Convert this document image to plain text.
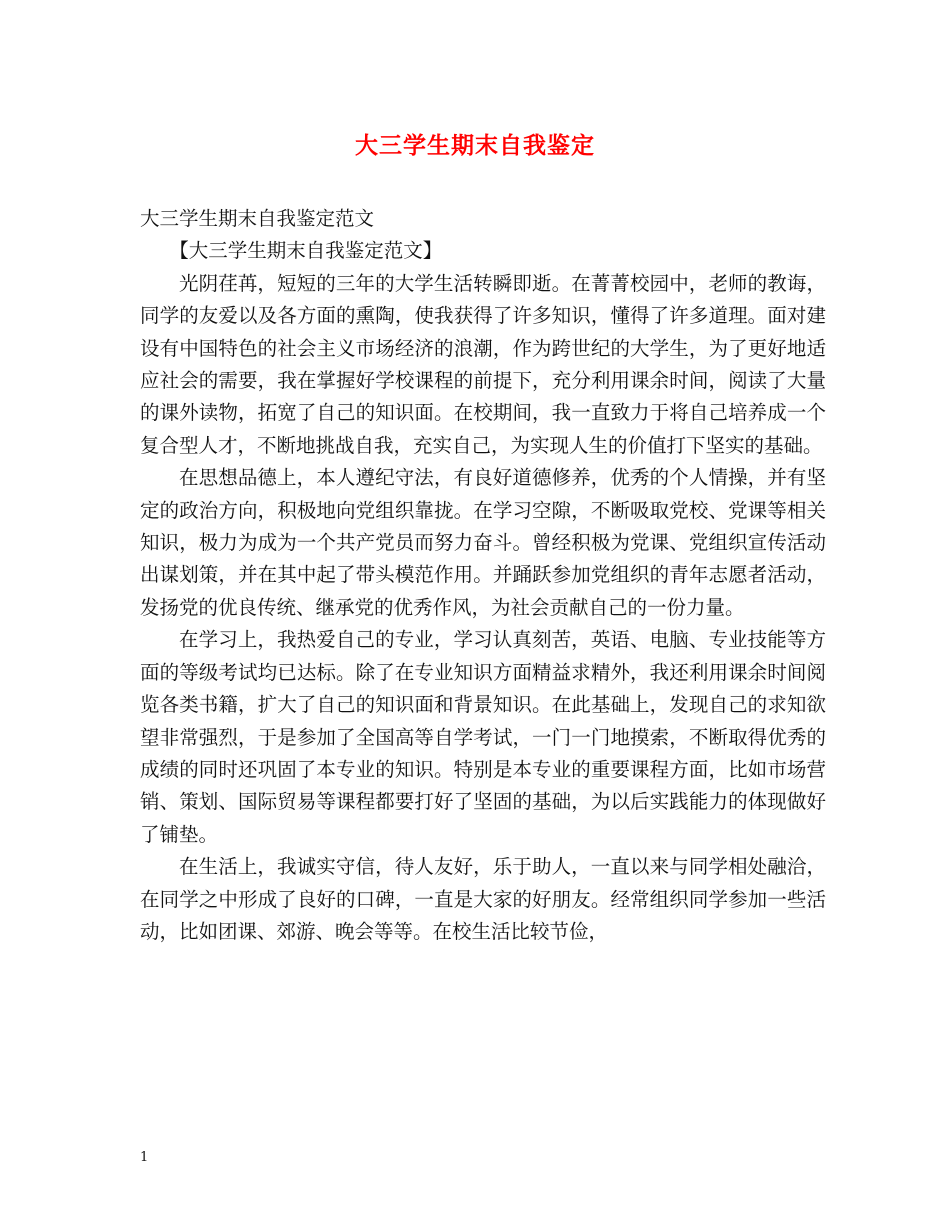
大三学生期末自我鉴定

大三学生期末自我鉴定范文

【大三学生期末自我鉴定范文】

光阴荏苒，短短的三年的大学生活转瞬即逝。在菁菁校园中，老师的教诲，同学的友爱以及各方面的熏陶，使我获得了许多知识，懂得了许多道理。面对建设有中国特色的社会主义市场经济的浪潮，作为跨世纪的大学生，为了更好地适应社会的需要，我在掌握好学校课程的前提下，充分利用课余时间，阅读了大量的课外读物，拓宽了自己的知识面。在校期间，我一直致力于将自己培养成一个复合型人才，不断地挑战自我，充实自己，为实现人生的价值打下坚实的基础。

在思想品德上，本人遵纪守法，有良好道德修养，优秀的个人情操，并有坚定的政治方向，积极地向党组织靠拢。在学习空隙，不断吸取党校、党课等相关知识，极力为成为一个共产党员而努力奋斗。曾经积极为党课、党组织宣传活动出谋划策，并在其中起了带头模范作用。并踊跃参加党组织的青年志愿者活动，发扬党的优良传统、继承党的优秀作风，为社会贡献自己的一份力量。

在学习上，我热爱自己的专业，学习认真刻苦，英语、电脑、专业技能等方面的等级考试均已达标。除了在专业知识方面精益求精外，我还利用课余时间阅览各类书籍，扩大了自己的知识面和背景知识。在此基础上，发现自己的求知欲望非常强烈，于是参加了全国高等自学考试，一门一门地摸索，不断取得优秀的成绩的同时还巩固了本专业的知识。特别是本专业的重要课程方面，比如市场营销、策划、国际贸易等课程都要打好了坚固的基础，为以后实践能力的体现做好了铺垫。

在生活上，我诚实守信，待人友好，乐于助人，一直以来与同学相处融洽，在同学之中形成了良好的口碑，一直是大家的好朋友。经常组织同学参加一些活动，比如团课、郊游、晚会等等。在校生活比较节俭，

1
